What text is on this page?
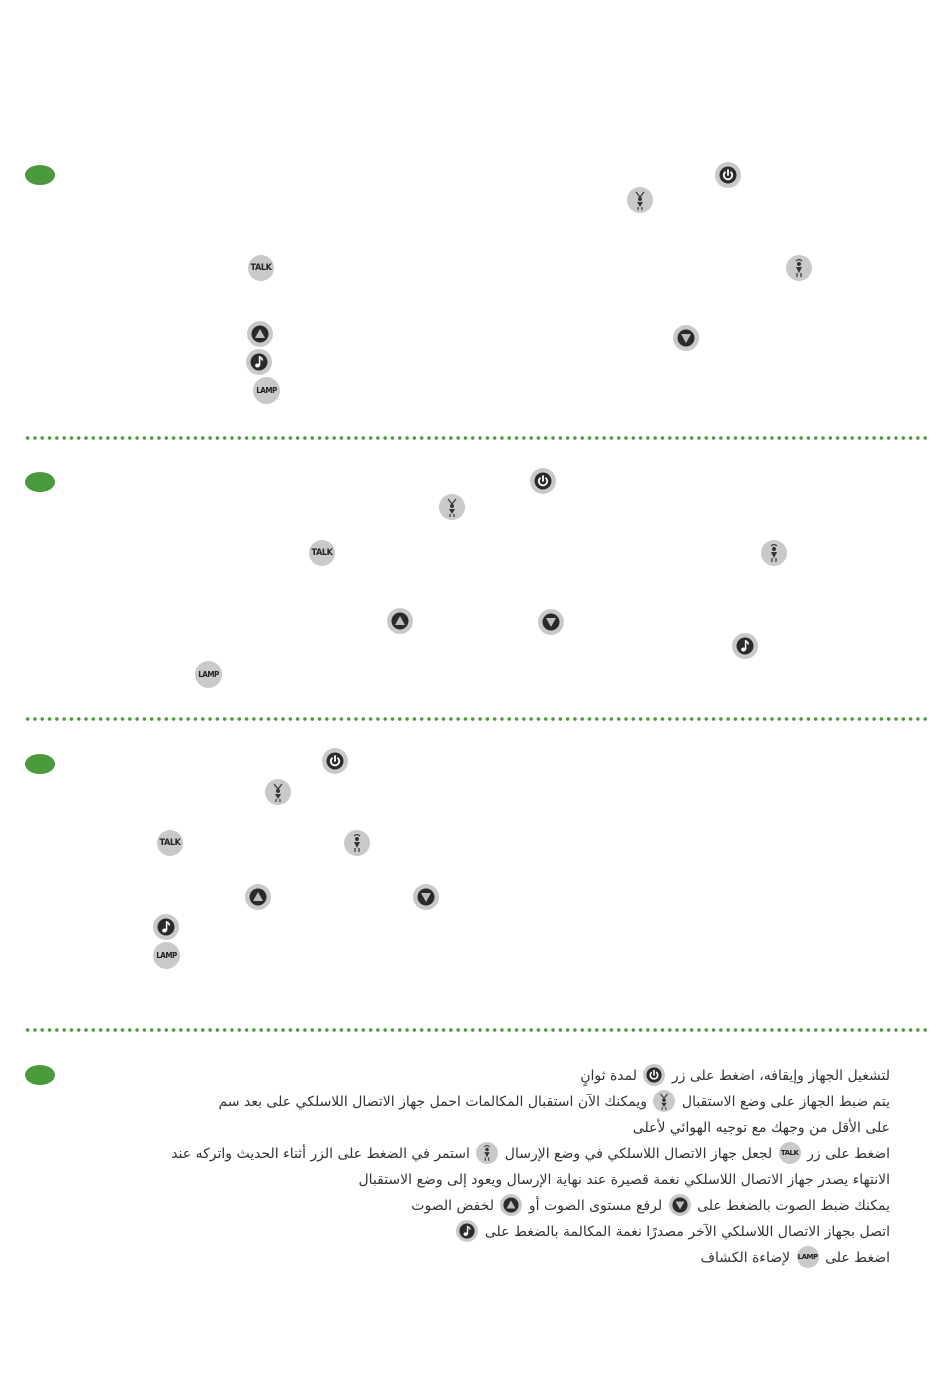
TALK
LAMP
TALK
LAMP
TALK
LAMP
لتشغيل الجهاز وإيقافه، اضغط على زر
لمدة ثوانٍ
يتم ضبط الجهاز على وضع الاستقبال
ويمكنك الآن استقبال المكالمات احمل جهاز الاتصال اللاسلكي على بعد سم
على الأقل من وجهك مع توجيه الهوائي لأعلى
اضغط على زر
TALK
لجعل جهاز الاتصال اللاسلكي في وضع الإرسال
استمر في الضغط على الزر أثناء الحديث واتركه عند
الانتهاء يصدر جهاز الاتصال اللاسلكي نغمة قصيرة عند نهاية الإرسال ويعود إلى وضع الاستقبال
يمكنك ضبط الصوت بالضغط على
لرفع مستوى الصوت أو
لخفض الصوت
اتصل بجهاز الاتصال اللاسلكي الآخر مصدرًا نغمة المكالمة بالضغط على
اضغط على
LAMP
لإضاءة الكشاف
